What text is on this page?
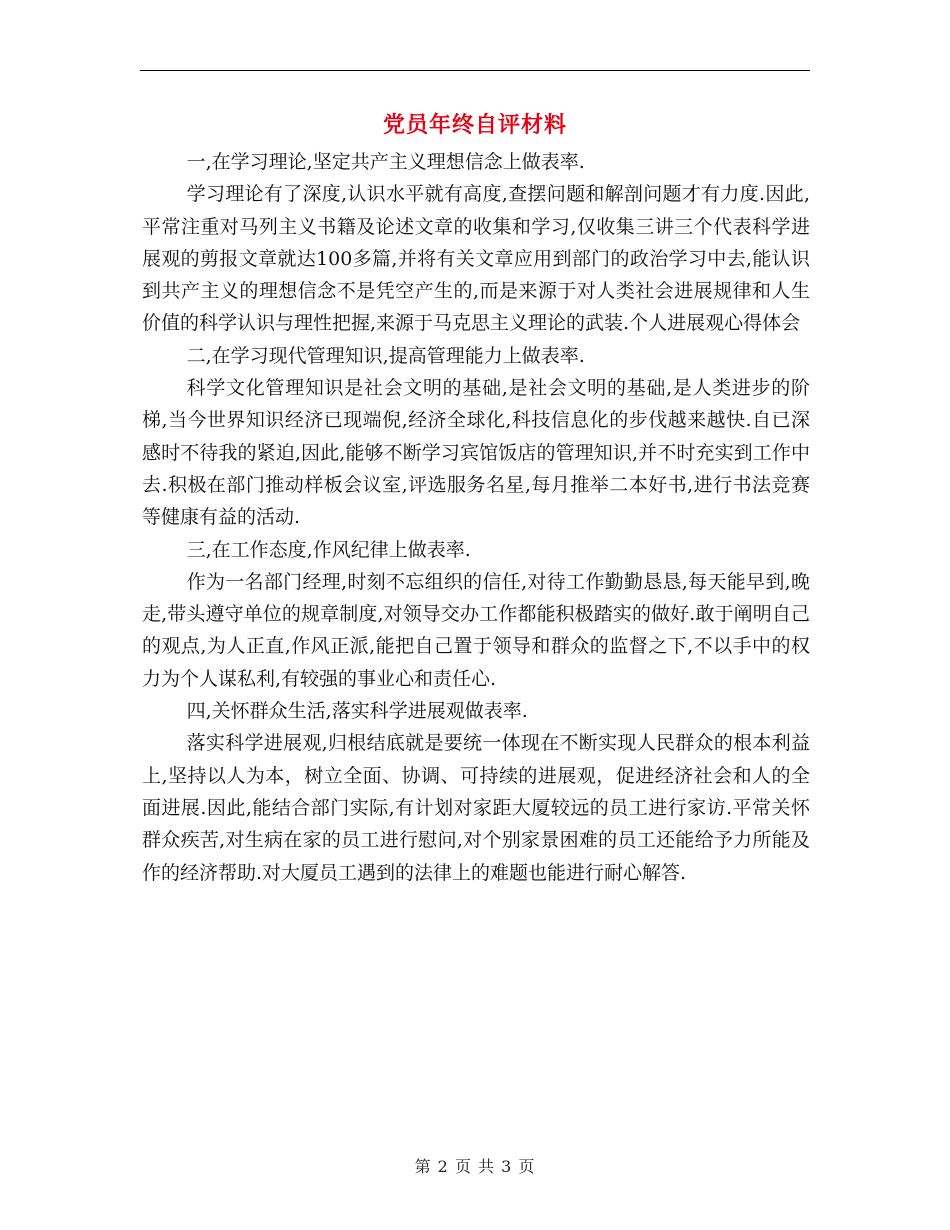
党员年终自评材料

一,在学习理论,坚定共产主义理想信念上做表率.

学习理论有了深度,认识水平就有高度,查摆问题和解剖问题才有力度.因此,平常注重对马列主义书籍及论述文章的收集和学习,仅收集三讲三个代表科学进展观的剪报文章就达100多篇,并将有关文章应用到部门的政治学习中去,能认识到共产主义的理想信念不是凭空产生的,而是来源于对人类社会进展规律和人生价值的科学认识与理性把握,来源于马克思主义理论的武装.个人进展观心得体会

二,在学习现代管理知识,提高管理能力上做表率.

科学文化管理知识是社会文明的基础,是社会文明的基础,是人类进步的阶梯,当今世界知识经济已现端倪,经济全球化,科技信息化的步伐越来越快.自已深感时不待我的紧迫,因此,能够不断学习宾馆饭店的管理知识,并不时充实到工作中去.积极在部门推动样板会议室,评选服务名星,每月推举二本好书,进行书法竞赛等健康有益的活动.

三,在工作态度,作风纪律上做表率.

作为一名部门经理,时刻不忘组织的信任,对待工作勤勤恳恳,每天能早到,晚走,带头遵守单位的规章制度,对领导交办工作都能积极踏实的做好.敢于阐明自己的观点,为人正直,作风正派,能把自己置于领导和群众的监督之下,不以手中的权力为个人谋私利,有较强的事业心和责任心.

四,关怀群众生活,落实科学进展观做表率.

落实科学进展观,归根结底就是要统一体现在不断实现人民群众的根本利益上,坚持以人为本，树立全面、协调、可持续的进展观，促进经济社会和人的全面进展.因此,能结合部门实际,有计划对家距大厦较远的员工进行家访.平常关怀群众疾苦,对生病在家的员工进行慰问,对个别家景困难的员工还能给予力所能及作的经济帮助.对大厦员工遇到的法律上的难题也能进行耐心解答.

第 2 页 共 3 页
